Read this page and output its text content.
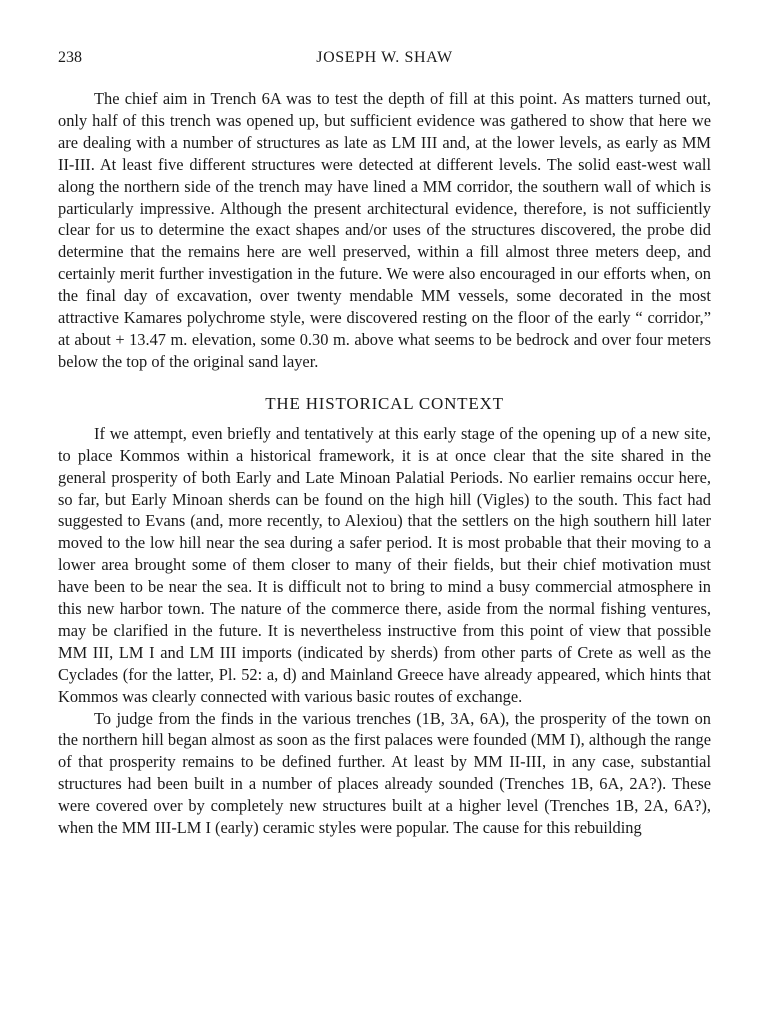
238	JOSEPH W. SHAW

The chief aim in Trench 6A was to test the depth of fill at this point. As matters turned out, only half of this trench was opened up, but sufficient evidence was gathered to show that here we are dealing with a number of structures as late as LM III and, at the lower levels, as early as MM II-III. At least five different structures were detected at different levels. The solid east-west wall along the northern side of the trench may have lined a MM corridor, the southern wall of which is particularly impressive. Although the present architectural evidence, therefore, is not sufficiently clear for us to determine the exact shapes and/or uses of the structures discovered, the probe did determine that the remains here are well preserved, within a fill almost three meters deep, and certainly merit further investigation in the future. We were also encouraged in our efforts when, on the final day of excavation, over twenty mendable MM vessels, some decorated in the most attractive Kamares polychrome style, were discovered resting on the floor of the early “ corridor,” at about + 13.47 m. elevation, some 0.30 m. above what seems to be bedrock and over four meters below the top of the original sand layer.

THE HISTORICAL CONTEXT

If we attempt, even briefly and tentatively at this early stage of the opening up of a new site, to place Kommos within a historical framework, it is at once clear that the site shared in the general prosperity of both Early and Late Minoan Palatial Periods. No earlier remains occur here, so far, but Early Minoan sherds can be found on the high hill (Vigles) to the south. This fact had suggested to Evans (and, more recently, to Alexiou) that the settlers on the high southern hill later moved to the low hill near the sea during a safer period. It is most probable that their moving to a lower area brought some of them closer to many of their fields, but their chief motivation must have been to be near the sea. It is difficult not to bring to mind a busy commercial atmosphere in this new harbor town. The nature of the commerce there, aside from the normal fishing ventures, may be clarified in the future. It is nevertheless instructive from this point of view that possible MM III, LM I and LM III imports (indicated by sherds) from other parts of Crete as well as the Cyclades (for the latter, Pl. 52: a, d) and Mainland Greece have already appeared, which hints that Kommos was clearly connected with various basic routes of exchange.

To judge from the finds in the various trenches (1B, 3A, 6A), the prosperity of the town on the northern hill began almost as soon as the first palaces were founded (MM I), although the range of that prosperity remains to be defined further. At least by MM II-III, in any case, substantial structures had been built in a number of places already sounded (Trenches 1B, 6A, 2A?). These were covered over by completely new structures built at a higher level (Trenches 1B, 2A, 6A?), when the MM III-LM I (early) ceramic styles were popular. The cause for this rebuilding
